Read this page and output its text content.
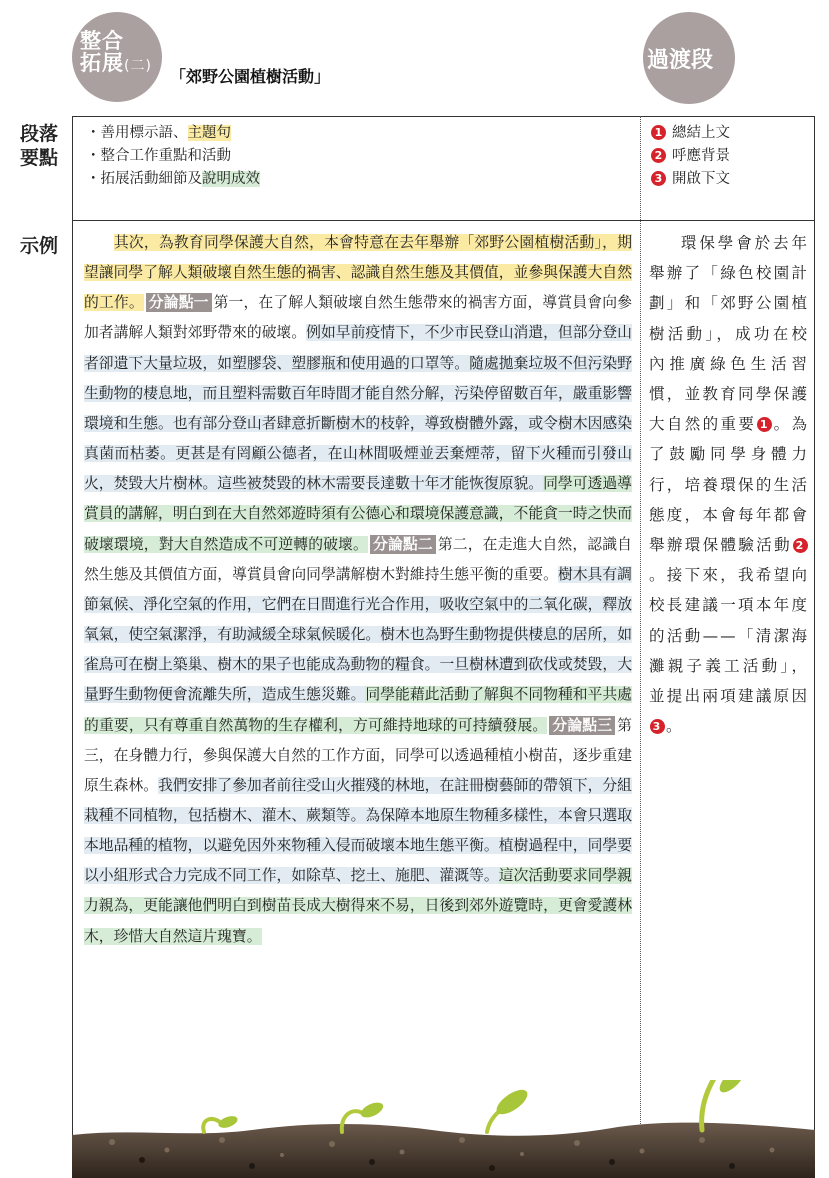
整合
拓展(二)
「郊野公園植樹活動」
過渡段
段落要點
示例
・善用標示語、主題句
・整合工作重點和活動
・拓展活動細節及說明成效
1 總結上文
2 呼應背景
3 開啟下文
其次，為教育同學保護大自然，本會特意在去年舉辦「郊野公園植樹活動」，期望讓同學了解人類破壞自然生態的禍害、認識自然生態及其價值，並參與保護大自然的工作。 分論點一 第一，在了解人類破壞自然生態帶來的禍害方面，導賞員會向參加者講解人類對郊野帶來的破壞。例如早前疫情下，不少市民登山消遣，但部分登山者卻遺下大量垃圾，如塑膠袋、塑膠瓶和使用過的口罩等。隨處拋棄垃圾不但污染野生動物的棲息地，而且塑料需數百年時間才能自然分解，污染停留數百年，嚴重影響環境和生態。也有部分登山者肆意折斷樹木的枝幹，導致樹體外露，或令樹木因感染真菌而枯萎。更甚是有罔顧公德者，在山林間吸煙並丟棄煙蒂，留下火種而引發山火，焚毀大片樹林。這些被焚毀的林木需要長達數十年才能恢復原貌。同學可透過導賞員的講解，明白到在大自然郊遊時須有公德心和環境保護意識，不能貪一時之快而破壞環境，對大自然造成不可逆轉的破壞。 分論點二 第二，在走進大自然，認識自然生態及其價值方面，導賞員會向同學講解樹木對維持生態平衡的重要。樹木具有調節氣候、淨化空氣的作用，它們在日間進行光合作用，吸收空氣中的二氧化碳，釋放氧氣，使空氣潔淨，有助減緩全球氣候暖化。樹木也為野生動物提供棲息的居所，如雀鳥可在樹上築巢、樹木的果子也能成為動物的糧食。一旦樹林遭到砍伐或焚毀，大量野生動物便會流離失所，造成生態災難。同學能藉此活動了解與不同物種和平共處的重要，只有尊重自然萬物的生存權利，方可維持地球的可持續發展。 分論點三 第三，在身體力行，參與保護大自然的工作方面，同學可以透過種植小樹苗，逐步重建原生森林。我們安排了參加者前往受山火摧殘的林地，在註冊樹藝師的帶領下，分組栽種不同植物，包括樹木、灌木、蕨類等。為保障本地原生物種多樣性，本會只選取本地品種的植物，以避免因外來物種入侵而破壞本地生態平衡。植樹過程中，同學要以小組形式合力完成不同工作，如除草、挖土、施肥、灌溉等。這次活動要求同學親力親為，更能讓他們明白到樹苗長成大樹得來不易，日後到郊外遊覽時，更會愛護林木，珍惜大自然這片瑰寶。
環保學會於去年舉辦了「綠色校園計劃」和「郊野公園植樹活動」，成功在校內推廣綠色生活習慣，並教育同學保護大自然的重要 1 。為了鼓勵同學身體力行，培養環保的生活態度，本會每年都會舉辦環保體驗活動 2。接下來，我希望向校長建議一項本年度的活動——「清潔海灘親子義工活動」，並提出兩項建議原因3 。
